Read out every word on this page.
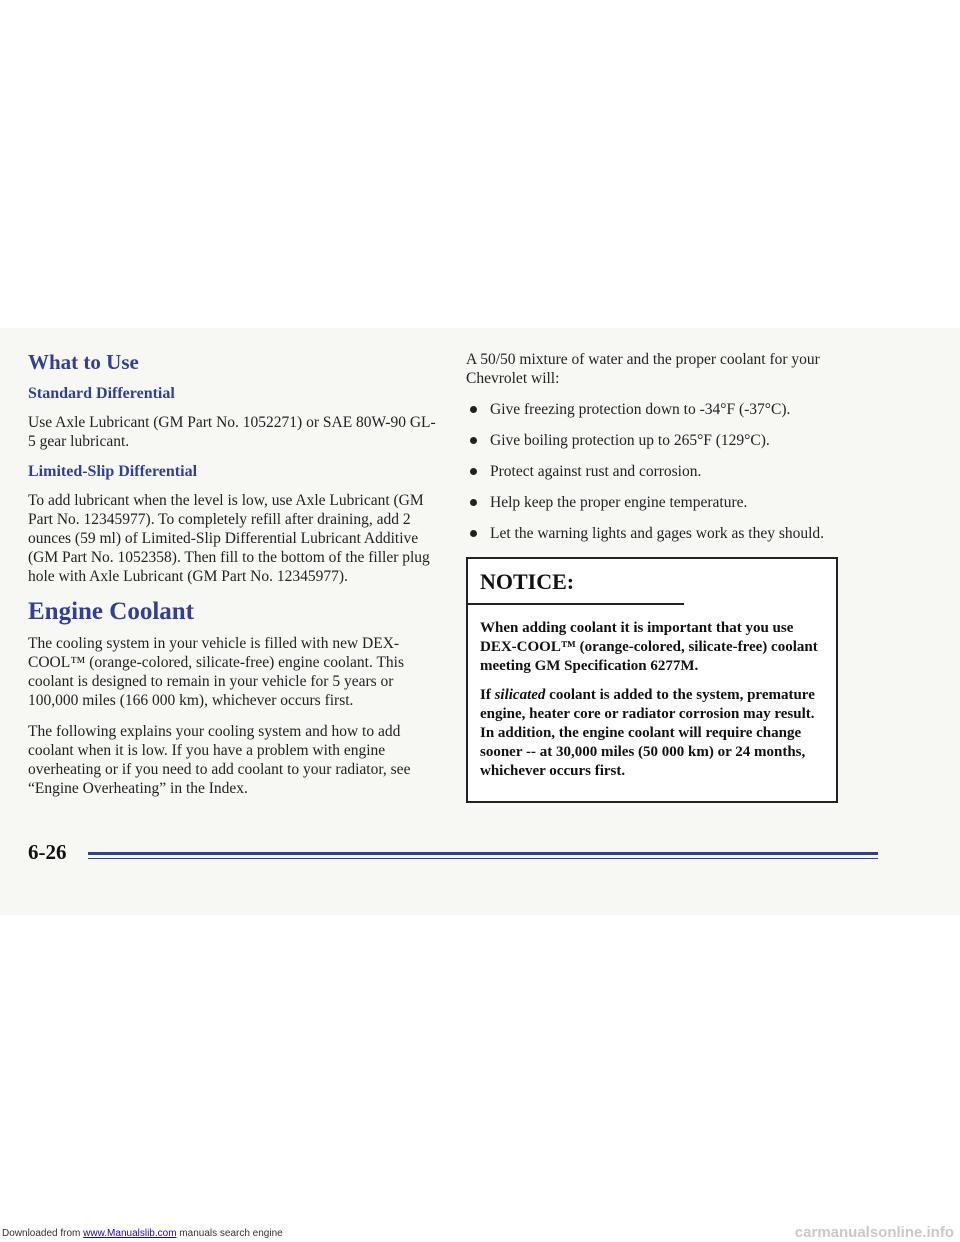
What to Use
Standard Differential

Use Axle Lubricant (GM Part No. 1052271) or SAE 80W-90 GL-5 gear lubricant.

Limited-Slip Differential

To add lubricant when the level is low, use Axle Lubricant (GM Part No. 12345977). To completely refill after draining, add 2 ounces (59 ml) of Limited-Slip Differential Lubricant Additive (GM Part No. 1052358). Then fill to the bottom of the filler plug hole with Axle Lubricant (GM Part No. 12345977).

Engine Coolant

The cooling system in your vehicle is filled with new DEX-COOL™ (orange-colored, silicate-free) engine coolant. This coolant is designed to remain in your vehicle for 5 years or 100,000 miles (166 000 km), whichever occurs first.

The following explains your cooling system and how to add coolant when it is low. If you have a problem with engine overheating or if you need to add coolant to your radiator, see “Engine Overheating” in the Index.

A 50/50 mixture of water and the proper coolant for your Chevrolet will:

Give freezing protection down to -34°F (-37°C).
Give boiling protection up to 265°F (129°C).
Protect against rust and corrosion.
Help keep the proper engine temperature.
Let the warning lights and gages work as they should.
NOTICE:

When adding coolant it is important that you use DEX-COOL™ (orange-colored, silicate-free) coolant meeting GM Specification 6277M.

If silicated coolant is added to the system, premature engine, heater core or radiator corrosion may result. In addition, the engine coolant will require change sooner -- at 30,000 miles (50 000 km) or 24 months, whichever occurs first.

6-26
Downloaded from www.Manualslib.com manuals search engine	carmanualsonline.info
